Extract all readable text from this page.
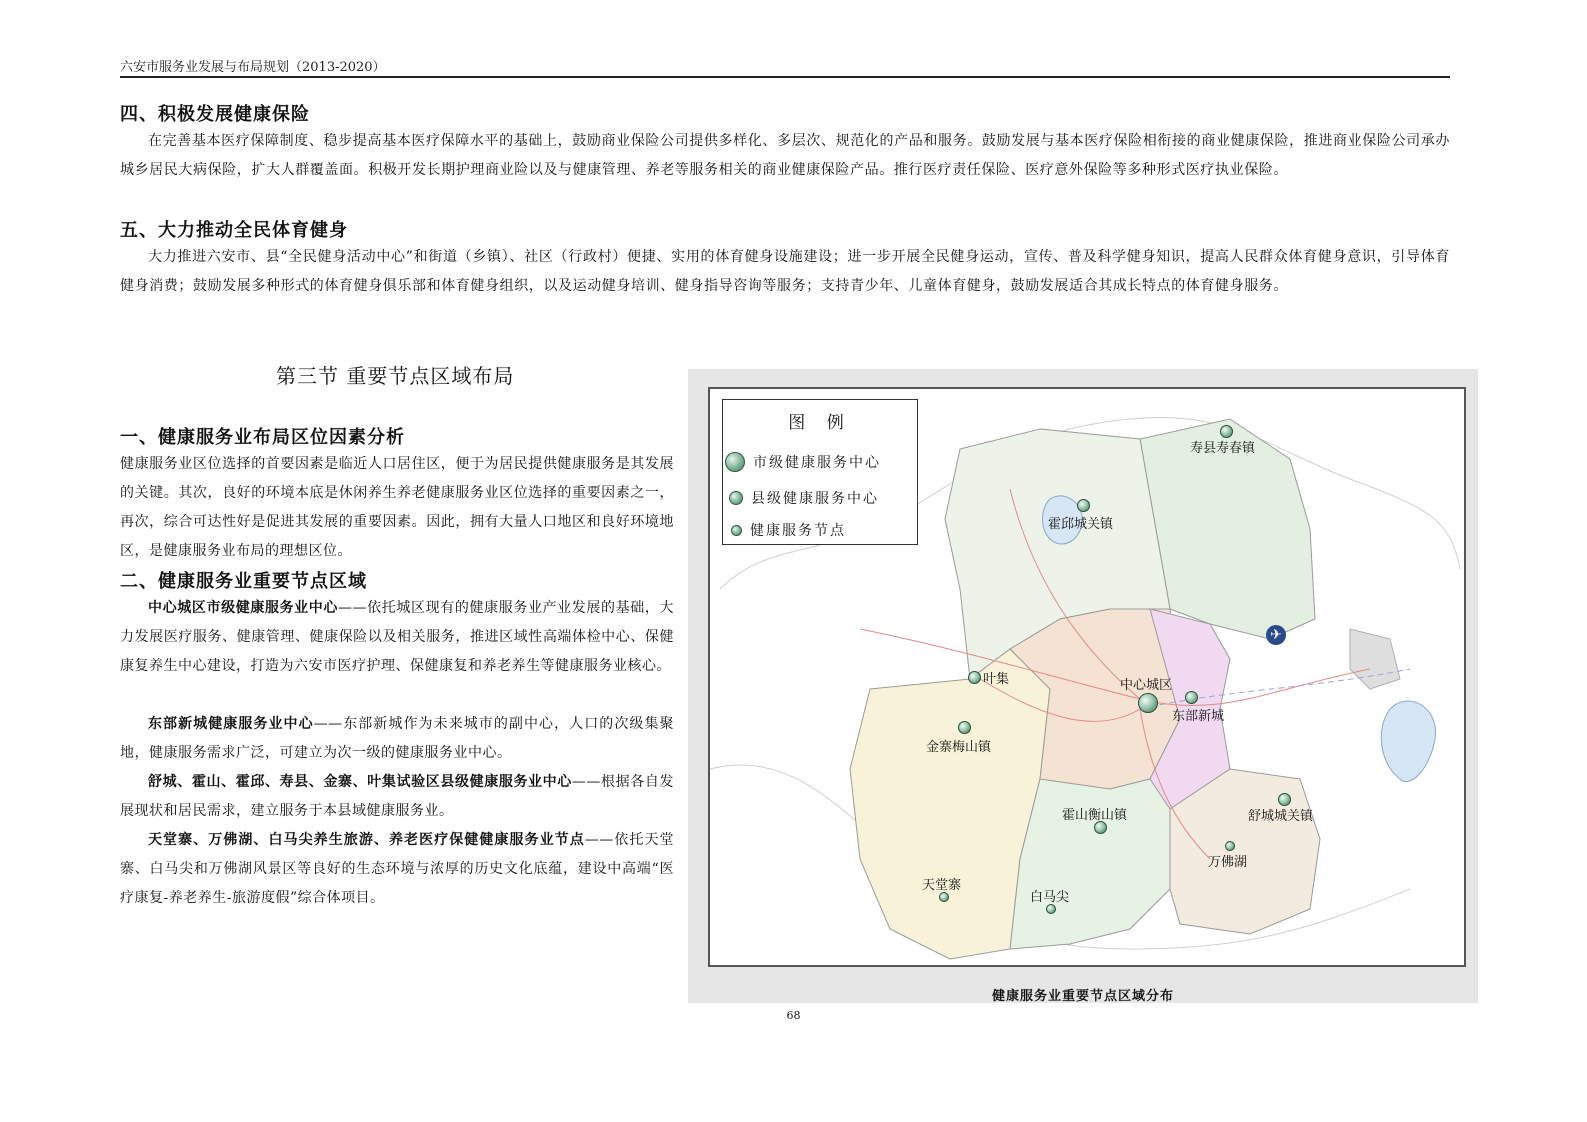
六安市服务业发展与布局规划（2013-2020）
四、积极发展健康保险
在完善基本医疗保障制度、稳步提高基本医疗保障水平的基础上，鼓励商业保险公司提供多样化、多层次、规范化的产品和服务。鼓励发展与基本医疗保险相衔接的商业健康保险，推进商业保险公司承办城乡居民大病保险，扩大人群覆盖面。积极开发长期护理商业险以及与健康管理、养老等服务相关的商业健康保险产品。推行医疗责任保险、医疗意外保险等多种形式医疗执业保险。
五、大力推动全民体育健身
大力推进六安市、县“全民健身活动中心”和街道（乡镇）、社区（行政村）便捷、实用的体育健身设施建设；进一步开展全民健身运动，宣传、普及科学健身知识，提高人民群众体育健身意识，引导体育健身消费；鼓励发展多种形式的体育健身俱乐部和体育健身组织，以及运动健身培训、健身指导咨询等服务；支持青少年、儿童体育健身，鼓励发展适合其成长特点的体育健身服务。
第三节 重要节点区域布局
一、健康服务业布局区位因素分析
健康服务业区位选择的首要因素是临近人口居住区，便于为居民提供健康服务是其发展的关键。其次，良好的环境本底是休闲养生养老健康服务业区位选择的重要因素之一，再次，综合可达性好是促进其发展的重要因素。因此，拥有大量人口地区和良好环境地区，是健康服务业布局的理想区位。
二、健康服务业重要节点区域
中心城区市级健康服务业中心——依托城区现有的健康服务业产业发展的基础，大力发展医疗服务、健康管理、健康保险以及相关服务，推进区域性高端体检中心、保健康复养生中心建设，打造为六安市医疗护理、保健康复和养老养生等健康服务业核心。
东部新城健康服务业中心——东部新城作为未来城市的副中心，人口的次级集聚地，健康服务需求广泛，可建立为次一级的健康服务业中心。
舒城、霍山、霍邱、寿县、金寨、叶集试验区县级健康服务业中心——根据各自发展现状和居民需求，建立服务于本县域健康服务业。
天堂寨、万佛湖、白马尖养生旅游、养老医疗保健健康服务业节点——依托天堂寨、白马尖和万佛湖风景区等良好的生态环境与浓厚的历史文化底蕴，建设中高端“医疗康复-养老养生-旅游度假”综合体项目。
图 例
市级健康服务中心
县级健康服务中心
健康服务节点
✈
寿县寿春镇
霍邱城关镇
叶集	中心城区
东部新城
金寨梅山镇
霍山衡山镇	舒城城关镇
万佛湖
天堂寨
白马尖
健康服务业重要节点区域分布
68
